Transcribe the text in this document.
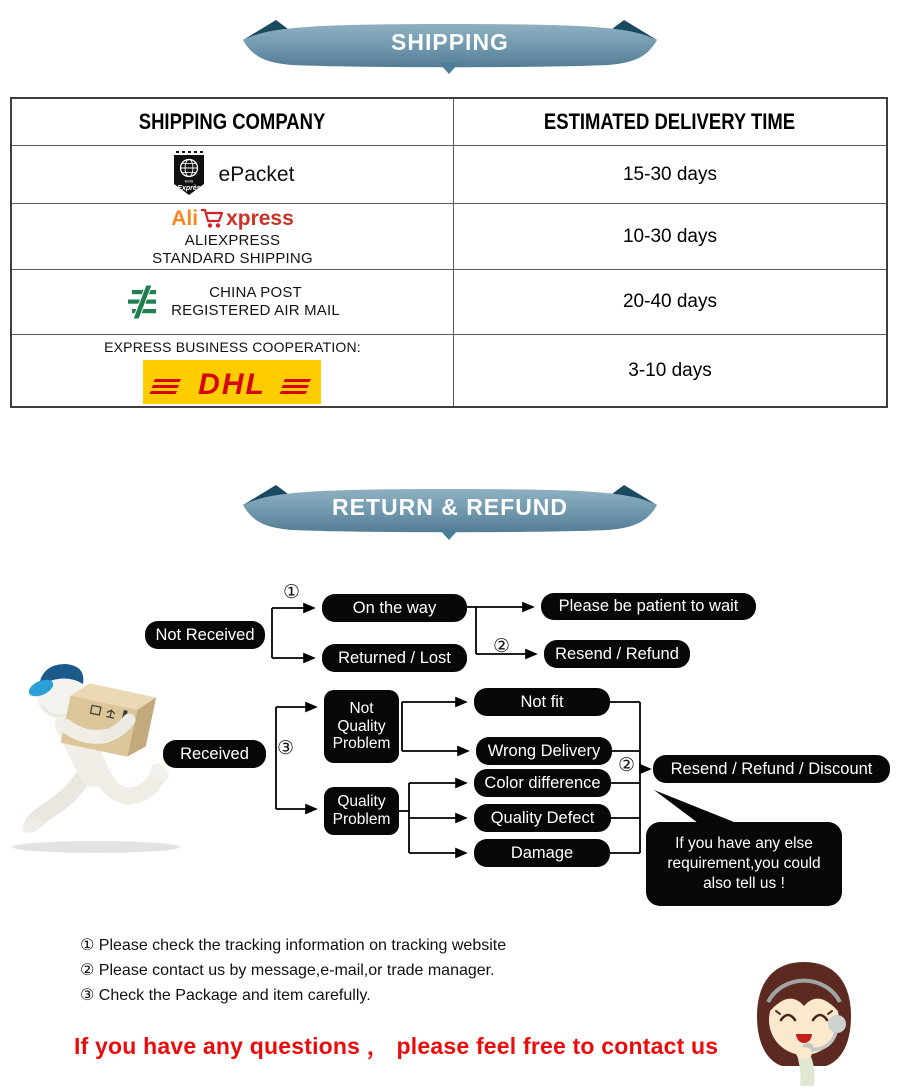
SHIPPING
SHIPPING COMPANY	ESTIMATED DELIVERY TIME
EMS
Exprès
ePacket	15-30 days
Ali xpress
ALIEXPRESS
STANDARD SHIPPING
10-30 days
CHINA POST
REGISTERED AIR MAIL	20-40 days
EXPRESS BUSINESS COOPERATION:
DHL	3-10 days
RETURN & REFUND
Not Received
On the way	Please be patient to wait
Returned / Lost	Resend / Refund
Not Quality Problem
Received
Quality Problem
Not fit
Wrong Delivery
Color difference
Quality Defect
Damage
Resend / Refund / Discount
①
②
③
②
If you have any else
requirement,you could
also tell us !
① Please check the tracking information on tracking website
② Please contact us by message,e-mail,or trade manager.
③ Check the Package and item carefully.
If you have any questions ， please feel free to contact us
